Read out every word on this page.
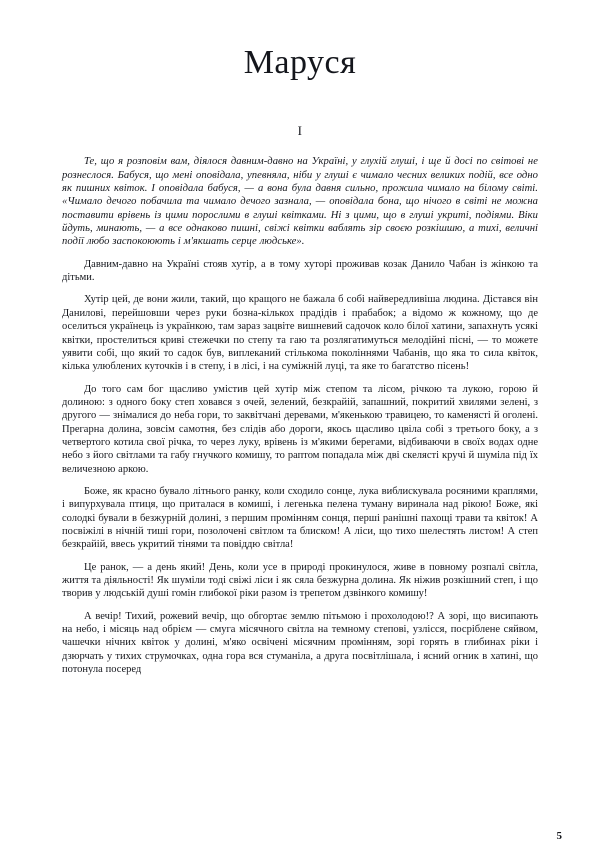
Маруся
I

Те, що я розповім вам, діялося давним-давно на Україні, у глухій глуші, і ще й досі по світові не рознеслося. Бабуся, що мені оповідала, упевняла, ніби у глуші є чимало чесних великих подій, все одно як пишних квіток. І оповідала бабуся, — а вона була давня сильно, прожила чимало на білому світі. «Чимало дечого побачила та чимало дечого зазнала, — оповідала бона, що нічого в світі не можна поставити врівень із цими порослими в глуші квітками. Ні з цими, що в глуші укриті, подіями. Віки йдуть, минають, — а все однаково пишні, свіжі квітки ваблять зір своєю розкішшю, а тихі, величні події любо заспокоюють і м'якшать серце людське».

Давним-давно на Україні стояв хутір, а в тому хуторі проживав козак Данило Чабан із жінкою та дітьми.

Хутір цей, де вони жили, такий, що кращого не бажала б собі найвередливіша людина. Дістався він Данилові, перейшовши через руки бозна-кількох прадідів і прабабок; а відомо ж кожному, що де оселиться українець із українкою, там зараз зацвіте вишневий садочок коло білої хатини, запахнуть усякі квітки, простелиться криві стежечки по степу та гаю та розлягатимуться мелодійні пісні, — то можете уявити собі, що який то садок був, виплеканий стількома поколіннями Чабанів, що яка то сила квіток, кілька улюблених куточків і в степу, і в лісі, і на суміжній луці, та яке то багатство пісень!

До того сам бог щасливо умістив цей хутір між степом та лісом, річкою та лукою, горою й долиною: з одного боку степ ховався з очей, зелений, безкрайій, запашний, покритий хвилями зелені, з другого — знімалися до неба гори, то заквітчані деревами, м'якенькою травицею, то каменясті й оголені. Прегарна долина, зовсім самотня, без слідів або дороги, якось щасливо цвіла собі з третього боку, а з четвертого котила свої річка, то через луку, врівень із м'якими берегами, відбиваючи в своїх водах одне небо з його світлами та габу гнучкого комишу, то раптом попадала між дві скелясті кручі й шуміла під їх величезною аркою.

Боже, як красно бувало літнього ранку, коли сходило сонце, лука виблискувала росяними краплями, і випурхувала птиця, що приталася в комиші, і легенька пелена туману виринала над рікою! Боже, які солодкі бували в безжурній долині, з першим промінням сонця, перші ранішні пахощі трави та квіток! А посвіжілі в нічній тиші гори, позолочені світлом та блиском! А ліси, що тихо шелестять листом! А степ безкрайій, ввесь укритий тінями та повіддю світла!

Це ранок, — а день який! День, коли усе в природі прокинулося, живе в повному розпалі світла, життя та діяльності! Як шуміли тоді свіжі ліси і як сяла безжурна долина. Як ніжив розкішний степ, і що творив у людській душі гомін глибокої ріки разом із трепетом дзвінкого комишу!

А вечір! Тихий, рожевий вечір, що обгортає землю пітьмою і прохолодою!? А зорі, що висипають на небо, і місяць над обрієм — смуга місячного світла на темному степові, узлісся, посріблене сяйвом, чашечки нічних квіток у долині, м'яко освічені місячним промінням, зорі горять в глибинах ріки і дзюрчать у тихих струмочках, одна гора вся стуманіла, а друга посвітлішала, і ясний огник в хатині, що потонула посеред

5
